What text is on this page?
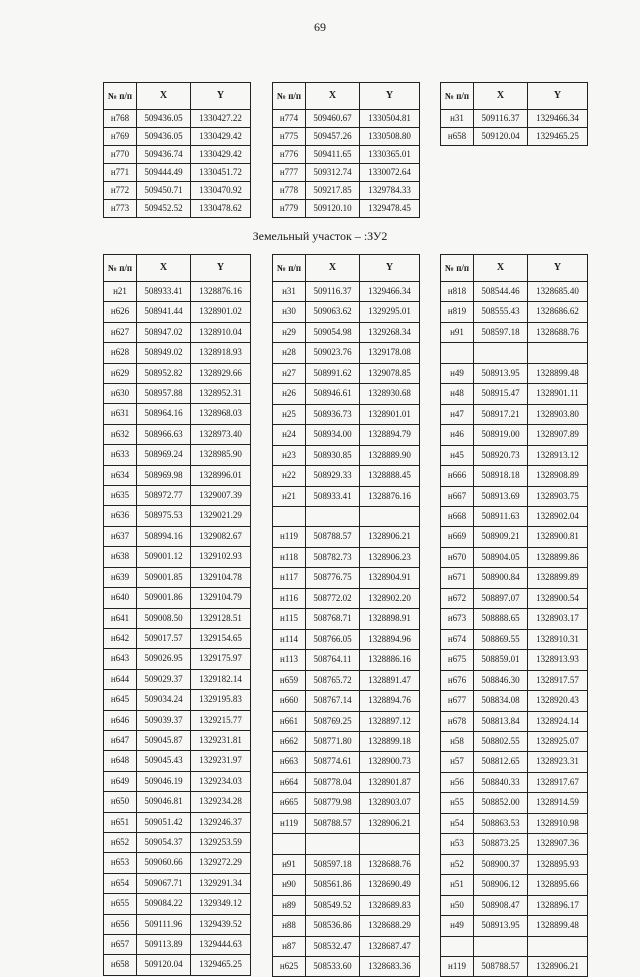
69
№ п/п	X	Y
н768	509436.05	1330427.22
н769	509436.05	1330429.42
н770	509436.74	1330429.42
н771	509444.49	1330451.72
н772	509450.71	1330470.92
н773	509452.52	1330478.62
№ п/п	X	Y
н774	509460.67	1330504.81
н775	509457.26	1330508.80
н776	509411.65	1330365.01
н777	509312.74	1330072.64
н778	509217.85	1329784.33
н779	509120.10	1329478.45
№ п/п	X	Y
н31	509116.37	1329466.34
н658	509120.04	1329465.25
Земельный участок – :ЗУ2
№ п/п	X	Y
н21	508933.41	1328876.16
н626	508941.44	1328901.02
н627	508947.02	1328910.04
н628	508949.02	1328918.93
н629	508952.82	1328929.66
н630	508957.88	1328952.31
н631	508964.16	1328968.03
н632	508966.63	1328973.40
н633	508969.24	1328985.90
н634	508969.98	1328996.01
н635	508972.77	1329007.39
н636	508975.53	1329021.29
н637	508994.16	1329082.67
н638	509001.12	1329102.93
н639	509001.85	1329104.78
н640	509001.86	1329104.79
н641	509008.50	1329128.51
н642	509017.57	1329154.65
н643	509026.95	1329175.97
н644	509029.37	1329182.14
н645	509034.24	1329195.83
н646	509039.37	1329215.77
н647	509045.87	1329231.81
н648	509045.43	1329231.97
н649	509046.19	1329234.03
н650	509046.81	1329234.28
н651	509051.42	1329246.37
н652	509054.37	1329253.59
н653	509060.66	1329272.29
н654	509067.71	1329291.34
н655	509084.22	1329349.12
н656	509111.96	1329439.52
н657	509113.89	1329444.63
н658	509120.04	1329465.25
№ п/п	X	Y
н31	509116.37	1329466.34
н30	509063.62	1329295.01
н29	509054.98	1329268.34
н28	509023.76	1329178.08
н27	508991.62	1329078.85
н26	508946.61	1328930.68
н25	508936.73	1328901.01
н24	508934.00	1328894.79
н23	508930.85	1328889.90
н22	508929.33	1328888.45
н21	508933.41	1328876.16

н119	508788.57	1328906.21
н118	508782.73	1328906.23
н117	508776.75	1328904.91
н116	508772.02	1328902.20
н115	508768.71	1328898.91
н114	508766.05	1328894.96
н113	508764.11	1328886.16
н659	508765.72	1328891.47
н660	508767.14	1328894.76
н661	508769.25	1328897.12
н662	508771.80	1328899.18
н663	508774.61	1328900.73
н664	508778.04	1328901.87
н665	508779.98	1328903.07
н119	508788.57	1328906.21

н91	508597.18	1328688.76
н90	508561.86	1328690.49
н89	508549.52	1328689.83
н88	508536.86	1328688.29
н87	508532.47	1328687.47
н625	508533.60	1328683.36
№ п/п	X	Y
н818	508544.46	1328685.40
н819	508555.43	1328686.62
н91	508597.18	1328688.76

н49	508913.95	1328899.48
н48	508915.47	1328901.11
н47	508917.21	1328903.80
н46	508919.00	1328907.89
н45	508920.73	1328913.12
н666	508918.18	1328908.89
н667	508913.69	1328903.75
н668	508911.63	1328902.04
н669	508909.21	1328900.81
н670	508904.05	1328899.86
н671	508900.84	1328899.89
н672	508897.07	1328900.54
н673	508888.65	1328903.17
н674	508869.55	1328910.31
н675	508859.01	1328913.93
н676	508846.30	1328917.57
н677	508834.08	1328920.43
н678	508813.84	1328924.14
н58	508802.55	1328925.07
н57	508812.65	1328923.31
н56	508840.33	1328917.67
н55	508852.00	1328914.59
н54	508863.53	1328910.98
н53	508873.25	1328907.36
н52	508900.37	1328895.93
н51	508906.12	1328895.66
н50	508908.47	1328896.17
н49	508913.95	1328899.48

н119	508788.57	1328906.21
